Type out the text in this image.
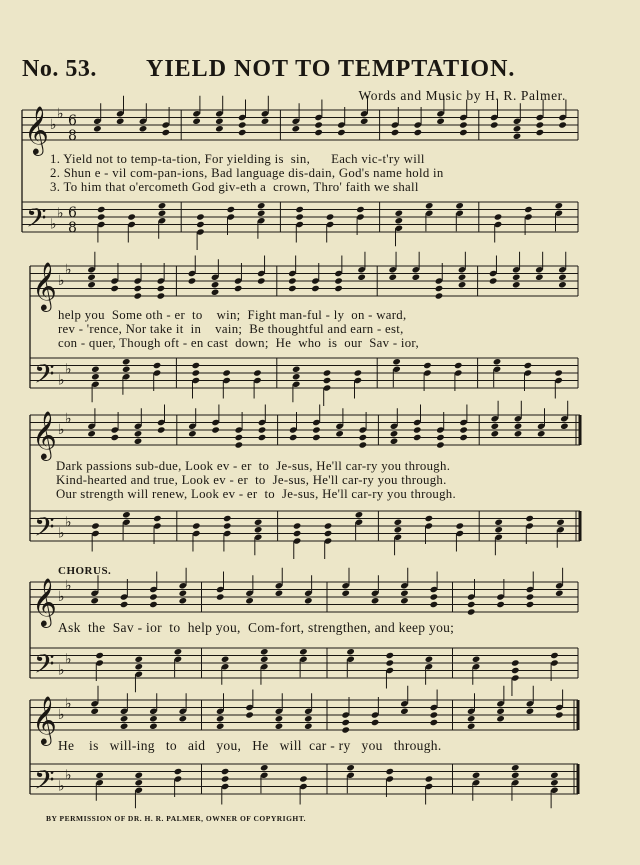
No. 53. YIELD NOT TO TEMPTATION.
Words and Music by H. R. Palmer.
𝄞
𝄢
♭
♭
♭
♭
6
8
6
8
𝄞
𝄢
♭
♭
♭
♭
𝄞
𝄢
♭
♭
♭
♭
𝄞
𝄢
♭
♭
♭
♭
𝄞
𝄢
♭
♭
♭
♭
1. Yield not to temp-ta-tion, For yielding is  sin,      Each vic-t'ry will
2. Shun e - vil com-pan-ions, Bad language dis-dain, God's name hold in
3. To him that o'ercometh God giv-eth a  crown, Thro' faith we shall
help you  Some oth - er  to    win;  Fight man-ful - ly  on - ward,
rev - 'rence, Nor take it  in    vain;  Be thoughtful and earn - est,
con - quer, Though oft - en cast  down;  He  who  is  our  Sav - ior,
Dark passions sub-due, Look ev - er  to  Je-sus, He'll car-ry you through.
Kind-hearted and true, Look ev - er  to  Je-sus, He'll car-ry you through.
Our strength will renew, Look ev - er  to  Je-sus, He'll car-ry you through.
CHORUS.
Ask  the  Sav - ior  to  help you,  Com-fort, strengthen, and keep you;
He    is   will-ing   to   aid   you,   He   will  car - ry   you   through.
BY PERMISSION OF DR. H. R. PALMER, OWNER OF COPYRIGHT.
